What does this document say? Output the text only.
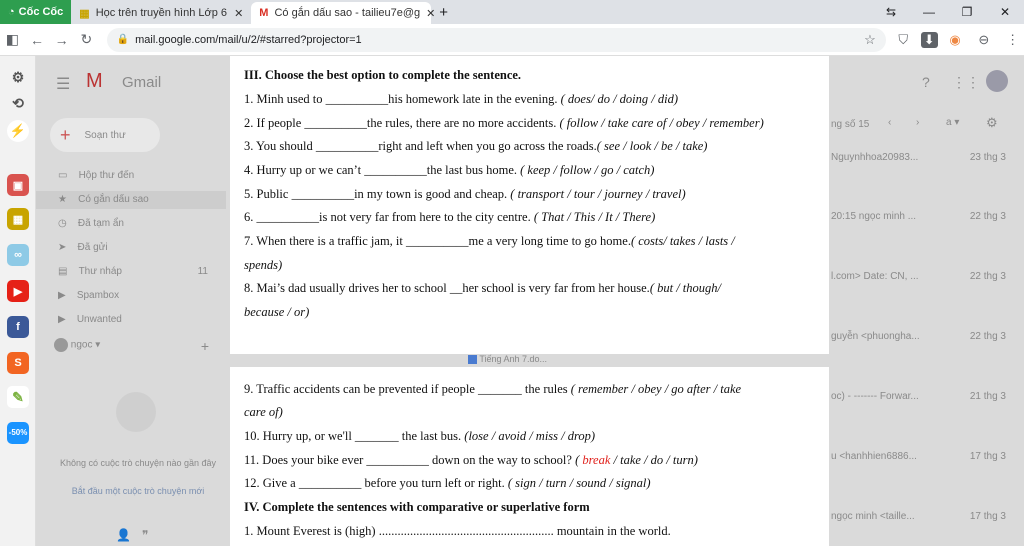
◔ Cốc Cốc ▦ Học trên truyền hình Lớp 6 ✕ M Có gắn dấu sao - tailieu7e@g ✕ +	⇆	—	❐	✕
◧ ← → ↻	🔒 mail.google.com/mail/u/2/#starred?projector=1	☆	⛉	⬇	◉	⊖	⋮
⚙
⟲
⚡
▣
▦
∞
▶
f
S
✎
-50%
☰ M Gmail
+ Soạn thư
▭ Hộp thư đến
★ Có gắn dấu sao
◷ Đã tạm ẩn
➤ Đã gửi
▤ Thư nháp	11
▶ Spambox
▶ Unwanted
ngoc ▾	+
Không có cuộc trò chuyện nào gần đây
Bắt đầu một cuộc trò chuyện mới
👤 ❞
? ⋮⋮
ng số 15 ‹ ›	a ▾ ⚙
Nguynhhoa20983...	23 thg 3
20:15 ngọc minh ...	22 thg 3
l.com> Date: CN, ...	22 thg 3
guyễn <phuongha...	22 thg 3
oc) - ------- Forwar...	21 thg 3
u <hanhhien6886...	17 thg 3
ngọc minh <taille...	17 thg 3
Tiếng Anh 7.do...
III. Choose the best option to complete the sentence.
1. Minh used to __________his homework late in the evening. ( does/ do / doing / did)
2. If people __________the rules, there are no more accidents. ( follow / take care of / obey / remember)
3. You should __________right and left when you go across the roads.( see / look / be / take)
4. Hurry up or we can’t __________the last bus home. ( keep / follow / go / catch)
5. Public __________in my town is good and cheap. ( transport / tour / journey / travel)
6. __________is not very far from here to the city centre. ( That / This / It / There)
7. When there is a traffic jam, it __________me a very long time to go home.( costs/ takes / lasts /
spends)
8. Mai’s dad usually drives her to school __her school is very far from her house.( but / though/
because / or)
9. Traffic accidents can be prevented if people _______ the rules ( remember / obey / go after / take
care of)
10. Hurry up, or we'll _______ the last bus. (lose / avoid / miss / drop)
11. Does your bike ever __________ down on the way to school? ( break / take / do / turn)
12. Give a __________ before you turn left or right. ( sign / turn / sound / signal)
IV. Complete the sentences with comparative or superlative form
1. Mount Everest is (high) ........................................................ mountain in the world.
